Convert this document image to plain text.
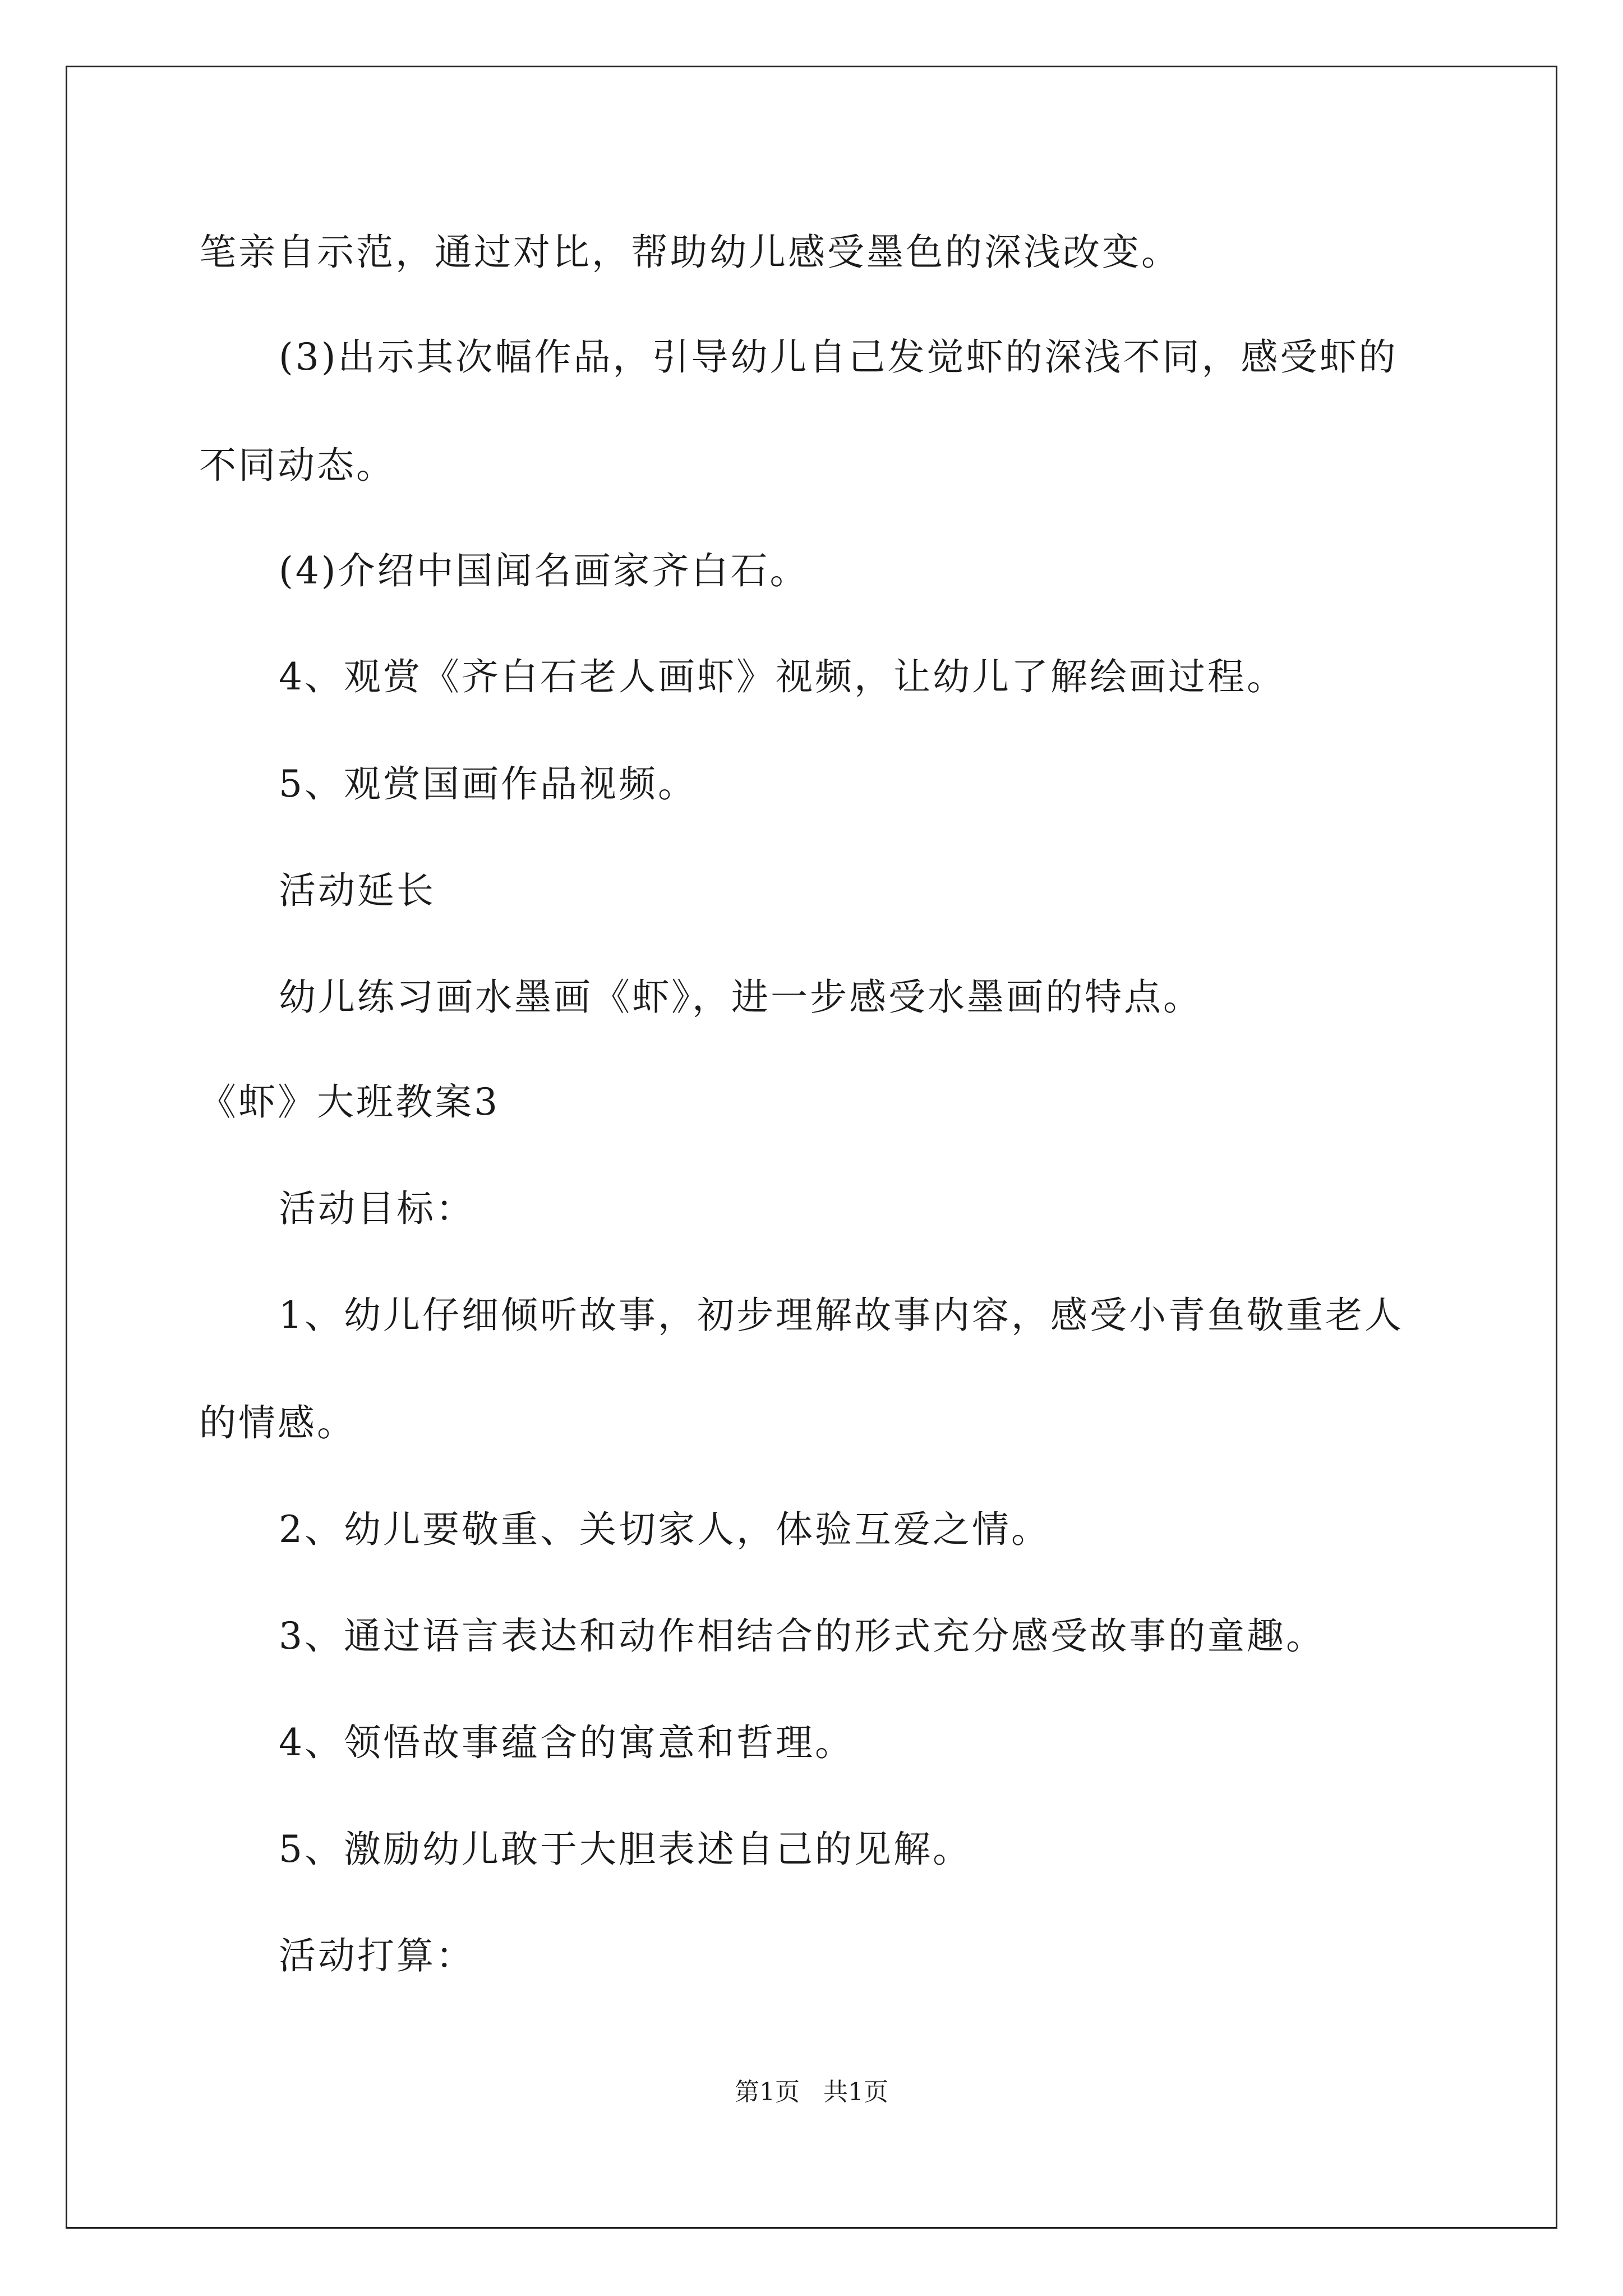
笔亲自示范，通过对比，帮助幼儿感受墨色的深浅改变。
(3)出示其次幅作品，引导幼儿自己发觉虾的深浅不同，感受虾的
不同动态。
(4)介绍中国闻名画家齐白石。
4、观赏《齐白石老人画虾》视频，让幼儿了解绘画过程。
5、观赏国画作品视频。
活动延长
幼儿练习画水墨画《虾》，进一步感受水墨画的特点。
《虾》大班教案3
活动目标：
1、幼儿仔细倾听故事，初步理解故事内容，感受小青鱼敬重老人
的情感。
2、幼儿要敬重、关切家人，体验互爱之情。
3、通过语言表达和动作相结合的形式充分感受故事的童趣。
4、领悟故事蕴含的寓意和哲理。
5、激励幼儿敢于大胆表述自己的见解。
活动打算：
第1页   共1页
